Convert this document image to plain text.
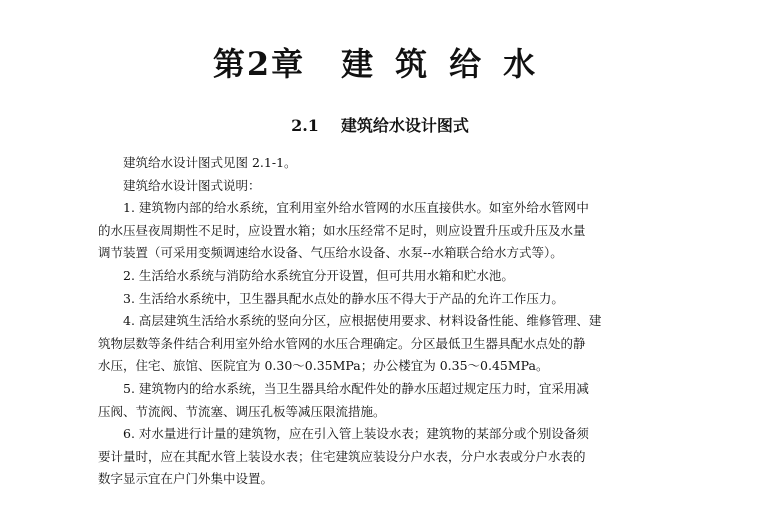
第2章 建 筑 给 水
2.1 建筑给水设计图式

建筑给水设计图式见图 2.1-1。

建筑给水设计图式说明：

1. 建筑物内部的给水系统，宜利用室外给水管网的水压直接供水。如室外给水管网中

的水压昼夜周期性不足时，应设置水箱；如水压经常不足时，则应设置升压或升压及水量

调节装置（可采用变频调速给水设备、气压给水设备、水泵--水箱联合给水方式等）。

2. 生活给水系统与消防给水系统宜分开设置，但可共用水箱和贮水池。

3. 生活给水系统中，卫生器具配水点处的静水压不得大于产品的允许工作压力。

4. 高层建筑生活给水系统的竖向分区，应根据使用要求、材料设备性能、维修管理、建

筑物层数等条件结合利用室外给水管网的水压合理确定。分区最低卫生器具配水点处的静

水压，住宅、旅馆、医院宜为 0.30～0.35MPa；办公楼宜为 0.35～0.45MPa。

5. 建筑物内的给水系统，当卫生器具给水配件处的静水压超过规定压力时，宜采用减

压阀、节流阀、节流塞、调压孔板等减压限流措施。

6. 对水量进行计量的建筑物，应在引入管上装设水表；建筑物的某部分或个别设备须

要计量时，应在其配水管上装设水表；住宅建筑应装设分户水表，分户水表或分户水表的

数字显示宜在户门外集中设置。
